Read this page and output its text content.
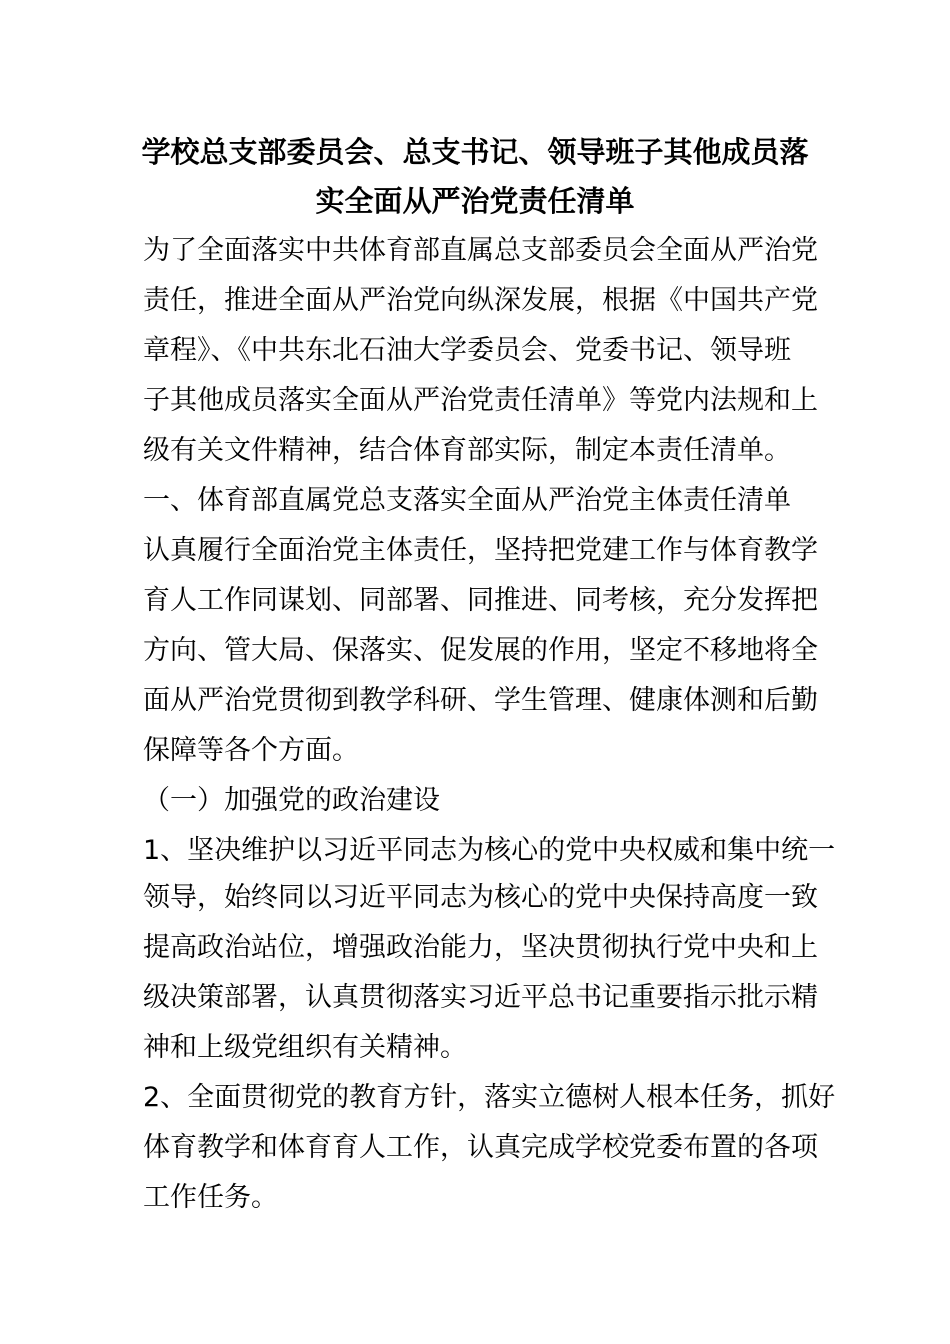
学校总支部委员会、总支书记、领导班子其他成员落
实全面从严治党责任清单
为了全面落实中共体育部直属总支部委员会全面从严治党
责任，推进全面从严治党向纵深发展，根据《中国共产党
章程》、《中共东北石油大学委员会、党委书记、领导班
子其他成员落实全面从严治党责任清单》等党内法规和上
级有关文件精神，结合体育部实际，制定本责任清单。
一、体育部直属党总支落实全面从严治党主体责任清单
认真履行全面治党主体责任，坚持把党建工作与体育教学
育人工作同谋划、同部署、同推进、同考核，充分发挥把
方向、管大局、保落实、促发展的作用，坚定不移地将全
面从严治党贯彻到教学科研、学生管理、健康体测和后勤
保障等各个方面。
（一）加强党的政治建设
1、坚决维护以习近平同志为核心的党中央权威和集中统一
领导，始终同以习近平同志为核心的党中央保持高度一致
提高政治站位，增强政治能力，坚决贯彻执行党中央和上
级决策部署，认真贯彻落实习近平总书记重要指示批示精
神和上级党组织有关精神。
2、全面贯彻党的教育方针，落实立德树人根本任务，抓好
体育教学和体育育人工作，认真完成学校党委布置的各项
工作任务。
